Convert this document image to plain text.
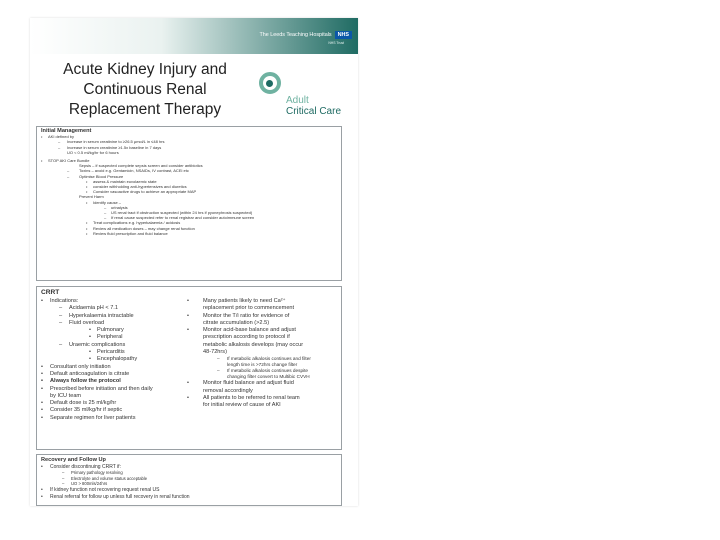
The Leeds Teaching Hospitals NHS
NHS Trust
Acute Kidney Injury and
Continuous Renal
Replacement Therapy
Adult
Critical Care
Initial Management
• AKI defined by
– Increase in serum creatinine to ≥26.5 µmol/L in ≤48 hrs
– Increase in serum creatinine ≥1.5x baseline in 7 days
UO < 0.5 ml/kg/hr for 6 hours
• STOP AKI Care Bundle
Sepsis – if suspected complete sepsis screen and consider antibiotics
– Toxins – avoid e.g. Gentamicin, NSAIDs, IV contrast, ACEi etc
– Optimise Blood Pressure
• assess & maintain euvolaemic state
• consider withholding anti-hypertensives and diuretics
• Consider vasoactive drugs to achieve an appropriate MAP
Prevent Harm
• Identify cause –
– urinalysis
– US renal tract if obstruction suspected (within 24 hrs if pyonephrosis suspected)
– If renal cause suspected refer to renal registrar and consider autoimmune screen
• Treat complications e.g. hyperkalaemia / acidosis
• Review all medication doses – may change renal function
• Review fluid prescription and fluid balance
CRRT
• Indications:
– Acidaemia pH < 7.1
– Hyperkalaemia intractable
– Fluid overload
• Pulmonary
• Peripheral
– Uraemic complications
• Pericarditis
• Encephalopathy
• Consultant only initiation
• Default anticoagulation is citrate
• Always follow the protocol
• Prescribed before initiation and then daily
by ICU team
• Default dose is 25 ml/kg/hr
• Consider 35 ml/kg/hr if septic
• Separate regimen for liver patients
•	Many patients likely to need Ca²⁺
replacement prior to commencement
•	Monitor the T/i ratio for evidence of
citrate accumulation (>2.5)
•	Monitor acid-base balance and adjust
prescription according to protocol if
metabolic alkalosis develops (may occur
48-72hrs)
– If metabolic alkalosis continues and filter
length time is >72hrs change filter
– If metabolic alkalosis continues despite
changing filter convert to Multibic CVVH
•	Monitor fluid balance and adjust fluid
removal accordingly
•	All patients to be referred to renal team
for initial review of cause of AKI
Recovery and Follow Up
• Consider discontinuing CRRT if:
– Primary pathology resolving
– Electrolyte and volume status acceptable
– UO > 800mls/24hrs
• If kidney function not recovering request renal US
• Renal referral for follow up unless full recovery in renal function
